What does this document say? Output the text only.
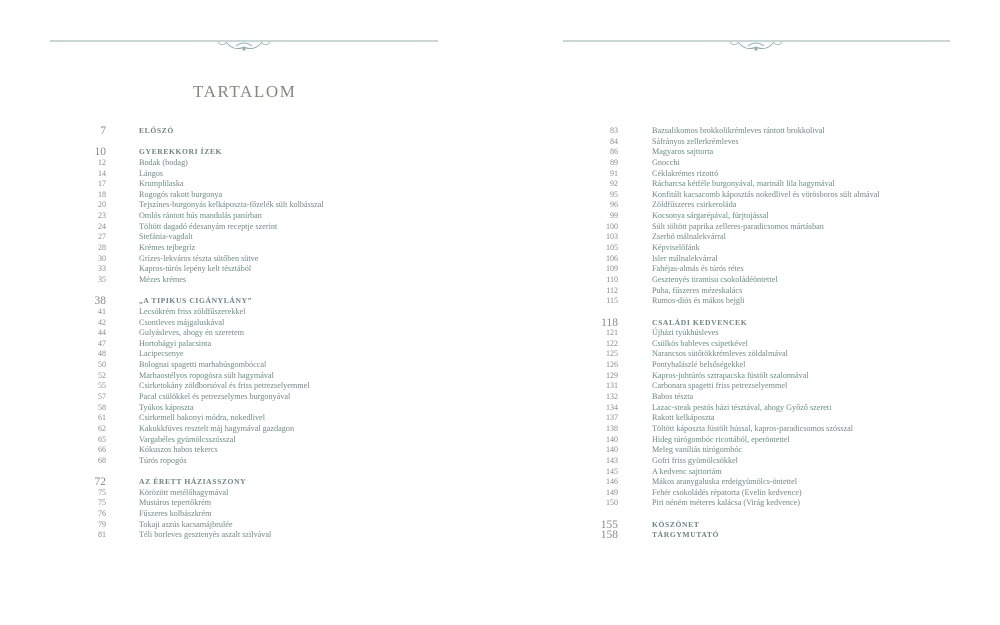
TARTALOM
7	ELŐSZÓ
10	GYEREKKORI ÍZEK
12	Bodak (bodag)
14	Lángos
17	Krumplilaska
18	Rogogós rakott burgonya
20	Tejszínes-burgonyás kelkáposzta-főzelék sült kolbásszal
23	Omlós rántott hús mandulás panírban
24	Töltött dagadó édesanyám receptje szerint
27	Stefánia-vagdalt
28	Krémes tejbegríz
30	Grízes-lekváros tészta sütőben sütve
33	Kapros-túrós lepény kelt tésztából
35	Mézes krémes
38	„A TIPIKUS CIGÁNYLÁNY”
41	Lecsókrém friss zöldfűszerekkel
42	Csontleves májgaluskával
44	Gulyásleves, ahogy én szeretem
47	Hortobágyi palacsinta
48	Lacipecsenye
50	Bolognai spagetti marhahúsgombóccal
52	Marhaostélyos ropogósra sült hagymával
55	Csirketokány zöldborsóval és friss petrezselyemmel
57	Pacal csülökkel és petrezselymes burgonyával
58	Tyúkos káposzta
61	Csirkemell bakonyi módra, nokedlivel
62	Kakukkfüves resztelt máj hagymával gazdagon
65	Vargabéles gyümölcsszósszal
66	Kókuszos habos tekercs
68	Túrós ropogós
72	AZ ÉRETT HÁZIASSZONY
75	Körözött metélőhagymával
75	Mustáros tepertőkrém
76	Fűszeres kolbászkrém
79	Tokaji aszús kacsamájbrulée
81	Téli borleves gesztenyés aszalt szilvával
83	Bazsalikomos brokkolikrémleves rántott brokkolival
84	Sáfrányos zellerkrémleves
86	Magyaros sajttorta
89	Gnocchi
91	Céklakrémes rizottó
92	Rácharcsa kétféle burgonyával, marinált lila hagymával
95	Konfitált kacsacomb káposztás nokedlivel és vörösboros sült almával
96	Zöldfűszeres csirkeroláda
99	Kocsonya sárgarépával, fürjtojással
100	Sült töltött paprika zelleres-paradicsomos mártásban
103	Zserbó málnalekvárral
105	Képviselőfánk
106	Isler málnalekvárral
109	Fahéjas-almás és túrós rétes
110	Gesztenyés tiramisu csokoládéöntettel
112	Puha, fűszeres mézeskalács
115	Rumos-diós és mákos bejgli
118	CSALÁDI KEDVENCEK
121	Újházi tyúkhúsleves
122	Csülkös bableves csipetkével
125	Narancsos sütőtökkrémleves zöldalmával
126	Pontyhalászlé belsőségekkel
129	Kapros-juhtúrós sztrapacska füstölt szalonnával
131	Carbonara spagetti friss petrezselyemmel
132	Babos tészta
134	Lazac-steak pestós házi tésztával, ahogy Győző szereti
137	Rakott kelkáposzta
138	Töltött káposzta füstölt hússal, kapros-paradicsomos szósszal
140	Hideg túrógombóc ricottából, eperöntettel
140	Meleg vaníliás túrógombóc
143	Gofri friss gyümölcsökkel
145	A kedvenc sajttortám
146	Mákos aranygaluska erdeigyümölcs-öntettel
149	Fehér csokoládés répatorta (Evelin kedvence)
150	Piri néném méteres kalácsa (Virág kedvence)
155	KÖSZÖNET
158	TÁRGYMUTATÓ
